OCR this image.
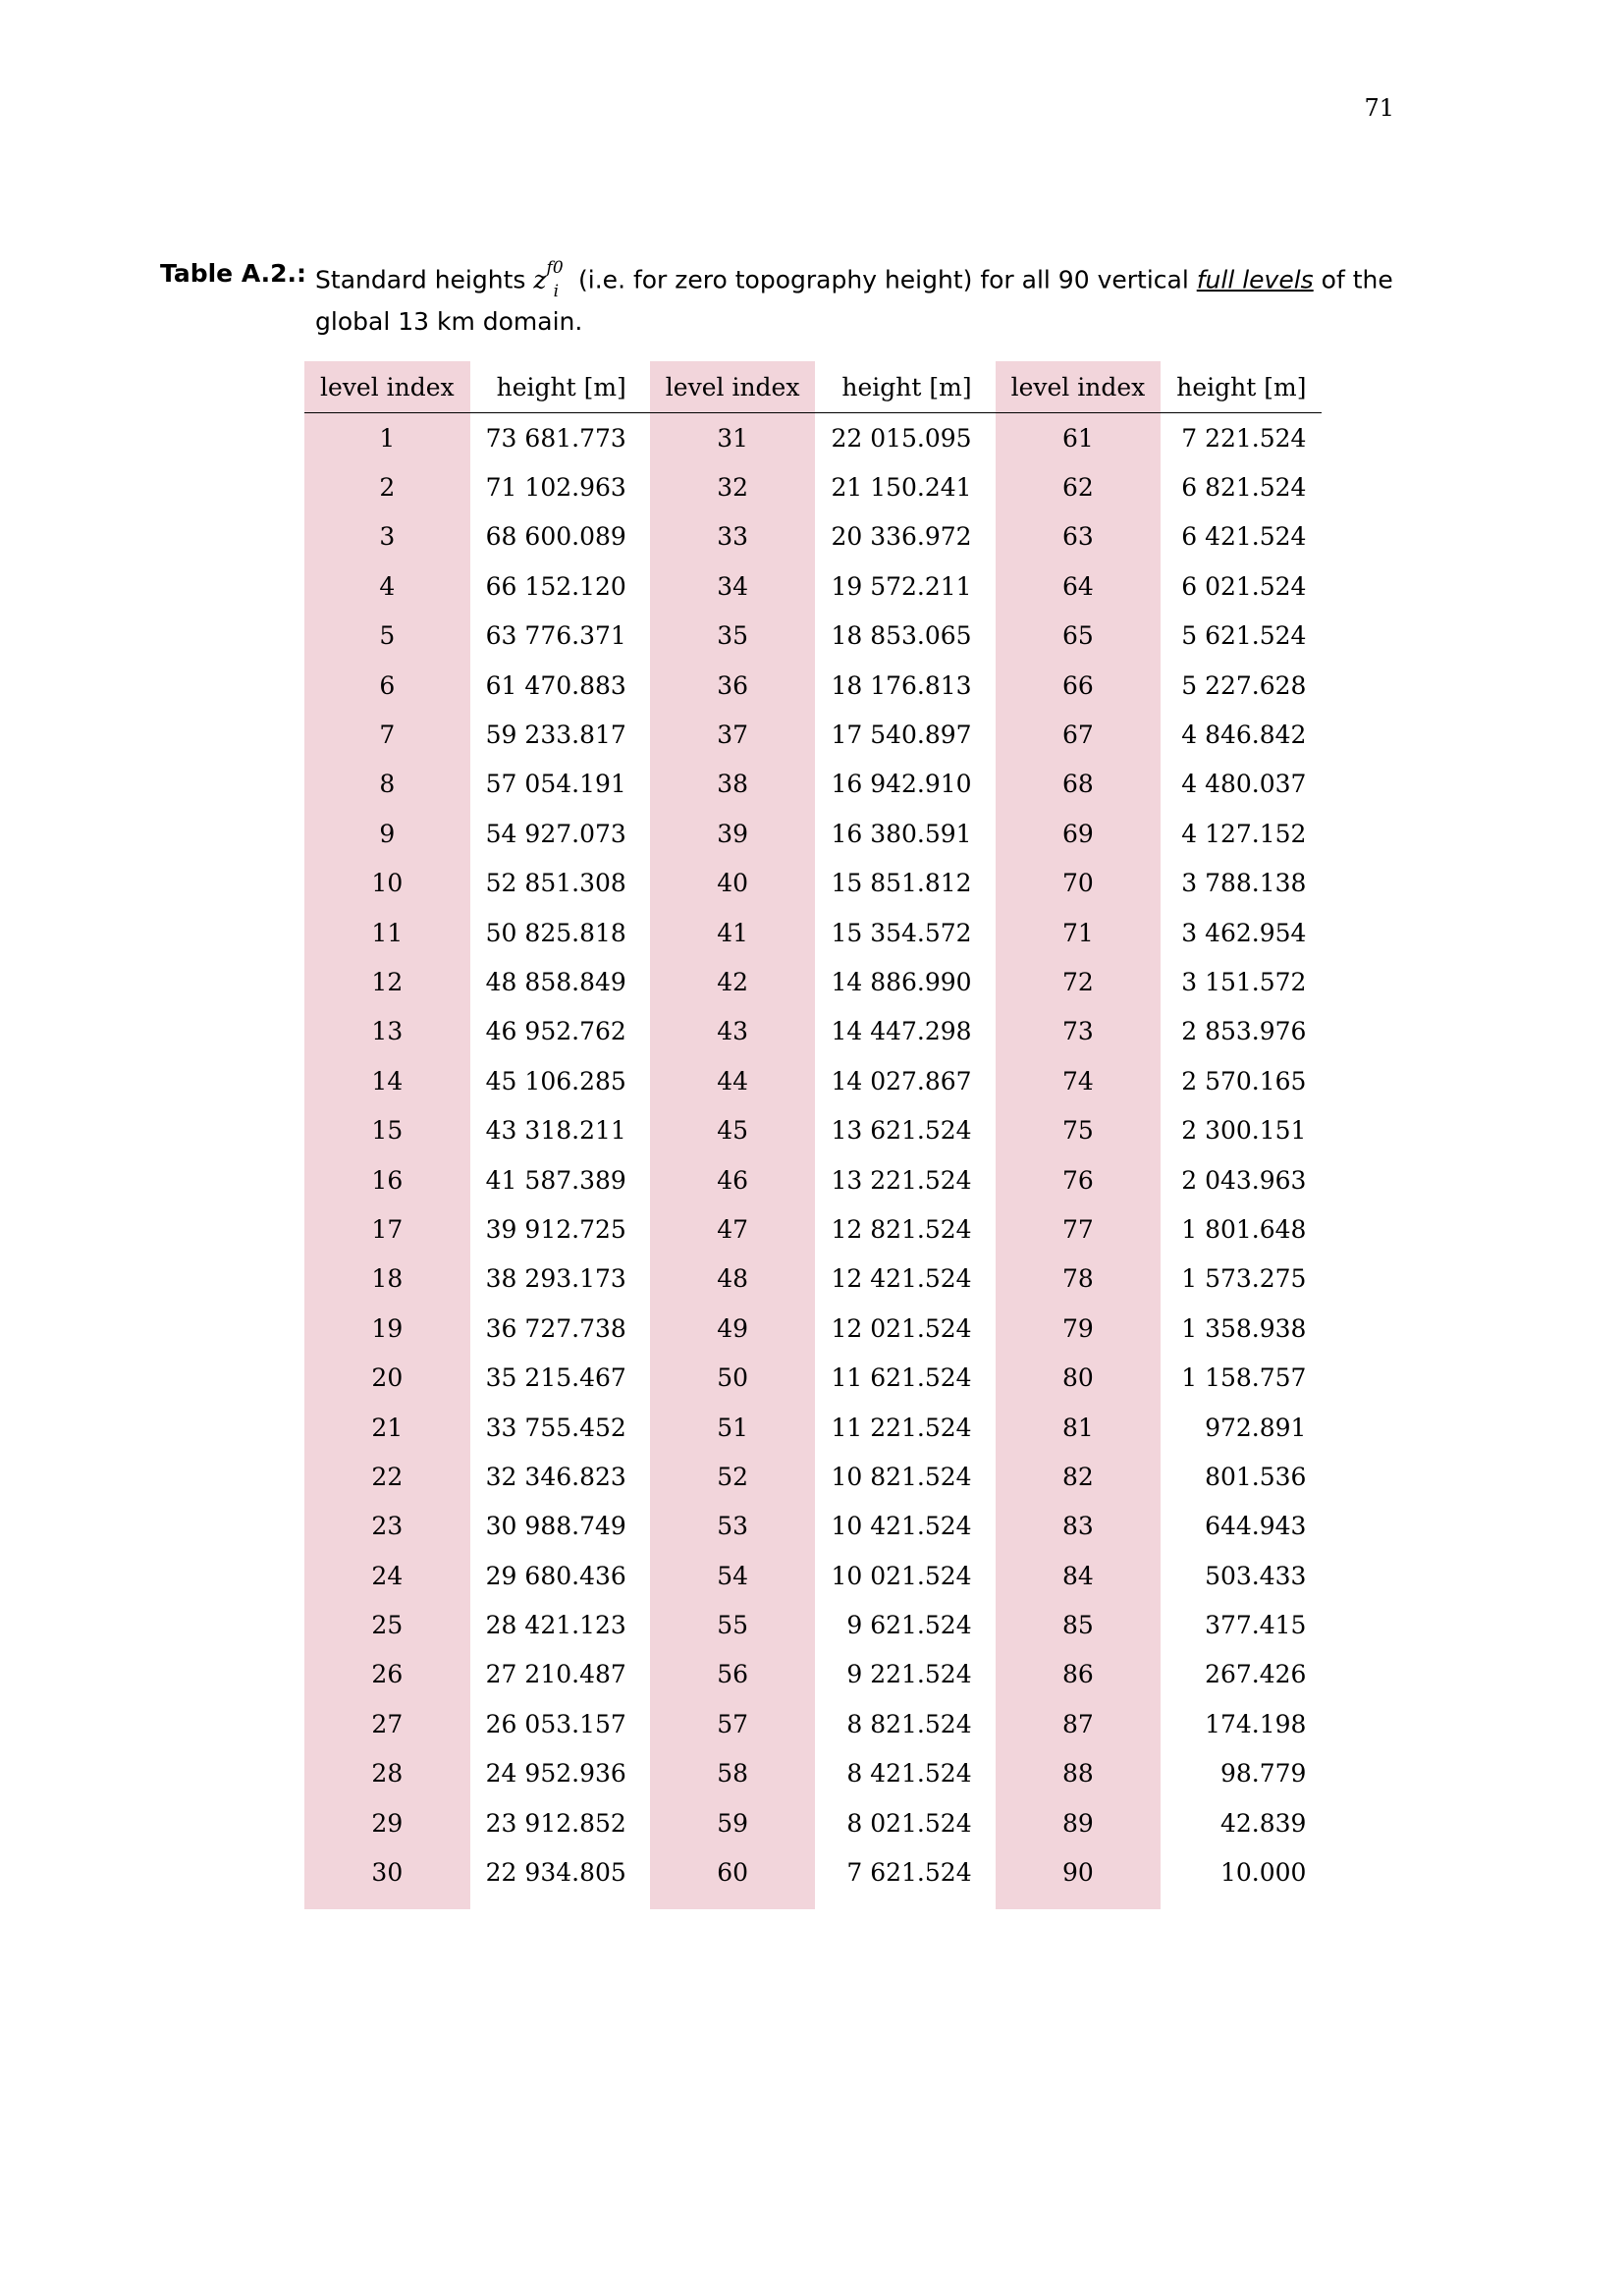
71
Table A.2.: Standard heights $z^{f0}_i$ (i.e. for zero topography height) for all 90 vertical full levels of the global 13 km domain.
level index	height [m]		level index	height [m]		level index	height [m]
1	73 681.773		31	22 015.095		61	7 221.524
2	71 102.963		32	21 150.241		62	6 821.524
3	68 600.089		33	20 336.972		63	6 421.524
4	66 152.120		34	19 572.211		64	6 021.524
5	63 776.371		35	18 853.065		65	5 621.524
6	61 470.883		36	18 176.813		66	5 227.628
7	59 233.817		37	17 540.897		67	4 846.842
8	57 054.191		38	16 942.910		68	4 480.037
9	54 927.073		39	16 380.591		69	4 127.152
10	52 851.308		40	15 851.812		70	3 788.138
11	50 825.818		41	15 354.572		71	3 462.954
12	48 858.849		42	14 886.990		72	3 151.572
13	46 952.762		43	14 447.298		73	2 853.976
14	45 106.285		44	14 027.867		74	2 570.165
15	43 318.211		45	13 621.524		75	2 300.151
16	41 587.389		46	13 221.524		76	2 043.963
17	39 912.725		47	12 821.524		77	1 801.648
18	38 293.173		48	12 421.524		78	1 573.275
19	36 727.738		49	12 021.524		79	1 358.938
20	35 215.467		50	11 621.524		80	1 158.757
21	33 755.452		51	11 221.524		81	972.891
22	32 346.823		52	10 821.524		82	801.536
23	30 988.749		53	10 421.524		83	644.943
24	29 680.436		54	10 021.524		84	503.433
25	28 421.123		55	9 621.524		85	377.415
26	27 210.487		56	9 221.524		86	267.426
27	26 053.157		57	8 821.524		87	174.198
28	24 952.936		58	8 421.524		88	98.779
29	23 912.852		59	8 021.524		89	42.839
30	22 934.805		60	7 621.524		90	10.000
